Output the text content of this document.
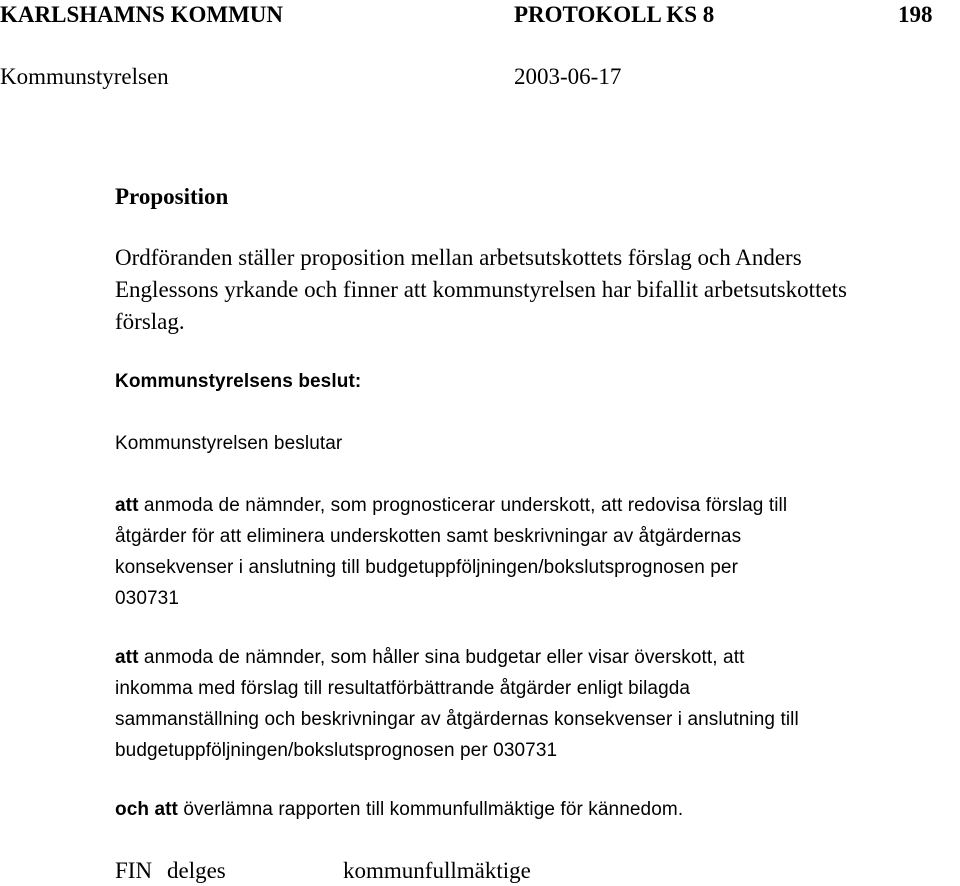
KARLSHAMNS KOMMUN	PROTOKOLL KS 8	198
Kommunstyrelsen	2003-06-17
Proposition
Ordföranden ställer proposition mellan arbetsutskottets förslag och Anders
Englessons yrkande och finner att kommunstyrelsen har bifallit arbetsutskottets
förslag.
Kommunstyrelsens beslut:
Kommunstyrelsen beslutar
att anmoda de nämnder, som prognosticerar underskott, att redovisa förslag till
åtgärder för att eliminera underskotten samt beskrivningar av åtgärdernas
konsekvenser i anslutning till budgetuppföljningen/bokslutsprognosen per
030731
att anmoda de nämnder, som håller sina budgetar eller visar överskott, att
inkomma med förslag till resultatförbättrande åtgärder enligt bilagda
sammanställning och beskrivningar av åtgärdernas konsekvenser i anslutning till
budgetuppföljningen/bokslutsprognosen per 030731
och att överlämna rapporten till kommunfullmäktige för kännedom.
FIN delges	kommunfullmäktige
